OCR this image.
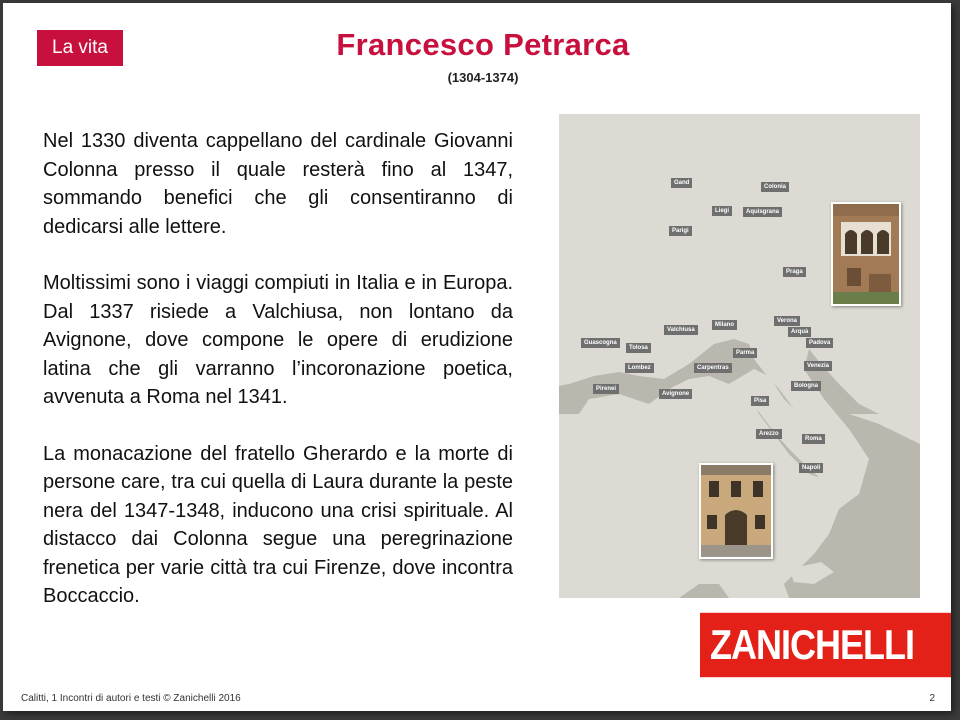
La vita	Francesco Petrarca
(1304-1374)

Nel 1330 diventa cappellano del cardinale Giovanni Colonna presso il quale resterà fino al 1347, sommando benefici che gli consentiranno di dedicarsi alle lettere.

Moltissimi sono i viaggi compiuti in Italia e in Europa. Dal 1337 risiede a Valchiusa, non lontano da Avignone, dove compone le opere di erudizione latina che gli varranno l’incoronazione poetica, avvenuta a Roma nel 1341.

La monacazione del fratello Gherardo e la morte di persone care, tra cui quella di Laura durante la peste nera del 1347-1348, inducono una crisi spirituale. Al distacco dai Colonna segue una peregrinazione frenetica per varie città tra cui Firenze, dove incontra Boccaccio.

Gand
Colonia
Liegi	Aquisgrana
Parigi
Praga
Verona
Arquà
Padova
Venezia
Bologna
Milano
Parma
Valchiusa
Carpentras
Avignone
Guascogna
Tolosa
Lombez
Pirenei
Pisa
Arezzo
Roma
Napoli
ZANICHELLI
Calitti, 1 Incontri di autori e testi © Zanichelli 2016	2
